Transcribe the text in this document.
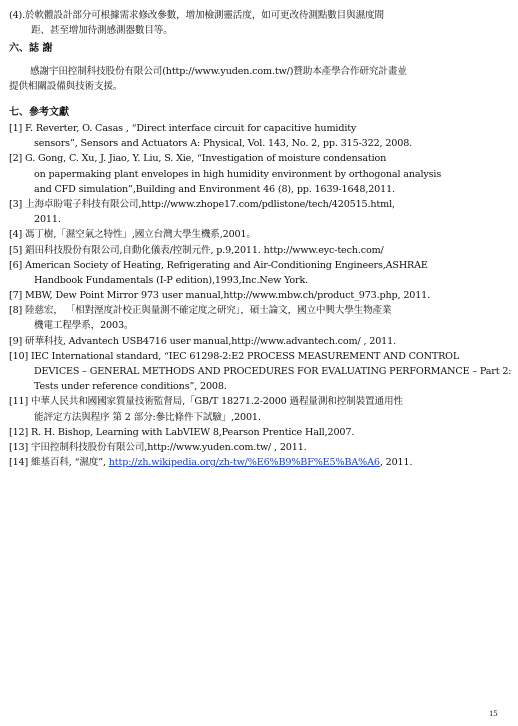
(4).於軟體設計部分可根據需求修改參數，增加檢測靈活度，如可更改待測點數目與濕度間
距、甚至增加待測感測器數目等。
六、誌 謝
感謝宇田控制科技股份有限公司(http://www.yuden.com.tw/)贊助本產學合作研究計畫並
提供相關設備與技術支援。
七、參考文獻
[1] F. Reverter, O. Casas , “Direct interface circuit for capacitive humidity
sensors”, Sensors and Actuators A: Physical, Vol. 143, No. 2, pp. 315-322, 2008.
[2] G. Gong, C. Xu, J. Jiao, Y. Liu, S. Xie, “Investigation of moisture condensation
on papermaking plant envelopes in high humidity environment by orthogonal analysis
and CFD simulation”,Building and Environment 46 (8), pp. 1639-1648,2011.
[3] 上海卓盼電子科技有限公司,http://www.zhope17.com/pdlistone/tech/420515.html,
2011.
[4] 馮丁樹,「濕空氣之特性」,國立台灣大學生機系,2001。
[5] 錩田科技股份有限公司,自動化儀表/控制元件, p.9,2011. http://www.eyc-tech.com/
[6] American Society of Heating, Refrigerating and Air-Conditioning Engineers,ASHRAE
Handbook Fundamentals (I-P edition),1993,Inc.New York.
[7] MBW, Dew Point Mirror 973 user manual,http://www.mbw.ch/product_973.php, 2011.
[8] 陸慈宏， 「相對溼度計校正與量測不確定度之研究」，碩士論文，國立中興大學生物產業
機電工程學系，2003。
[9] 研華科技, Advantech USB4716 user manual,http://www.advantech.com/ , 2011.
[10] IEC International standard, “IEC 61298-2:E2 PROCESS MEASUREMENT AND CONTROL
DEVICES – GENERAL METHODS AND PROCEDURES FOR EVALUATING PERFORMANCE – Part 2:
Tests under reference conditions”, 2008.
[11] 中華人民共和國國家質量技術監督局,「GB/T 18271.2-2000 過程量測和控制裝置通用性
能評定方法與程序 第 2 部分:參比條件下試驗」,2001.
[12] R. H. Bishop, Learning with LabVIEW 8,Pearson Prentice Hall,2007.
[13] 宇田控制科技股份有限公司,http://www.yuden.com.tw/ , 2011.
[14] 維基百科, “濕度”, http://zh.wikipedia.org/zh-tw/%E6%B9%BF%E5%BA%A6, 2011.
15
